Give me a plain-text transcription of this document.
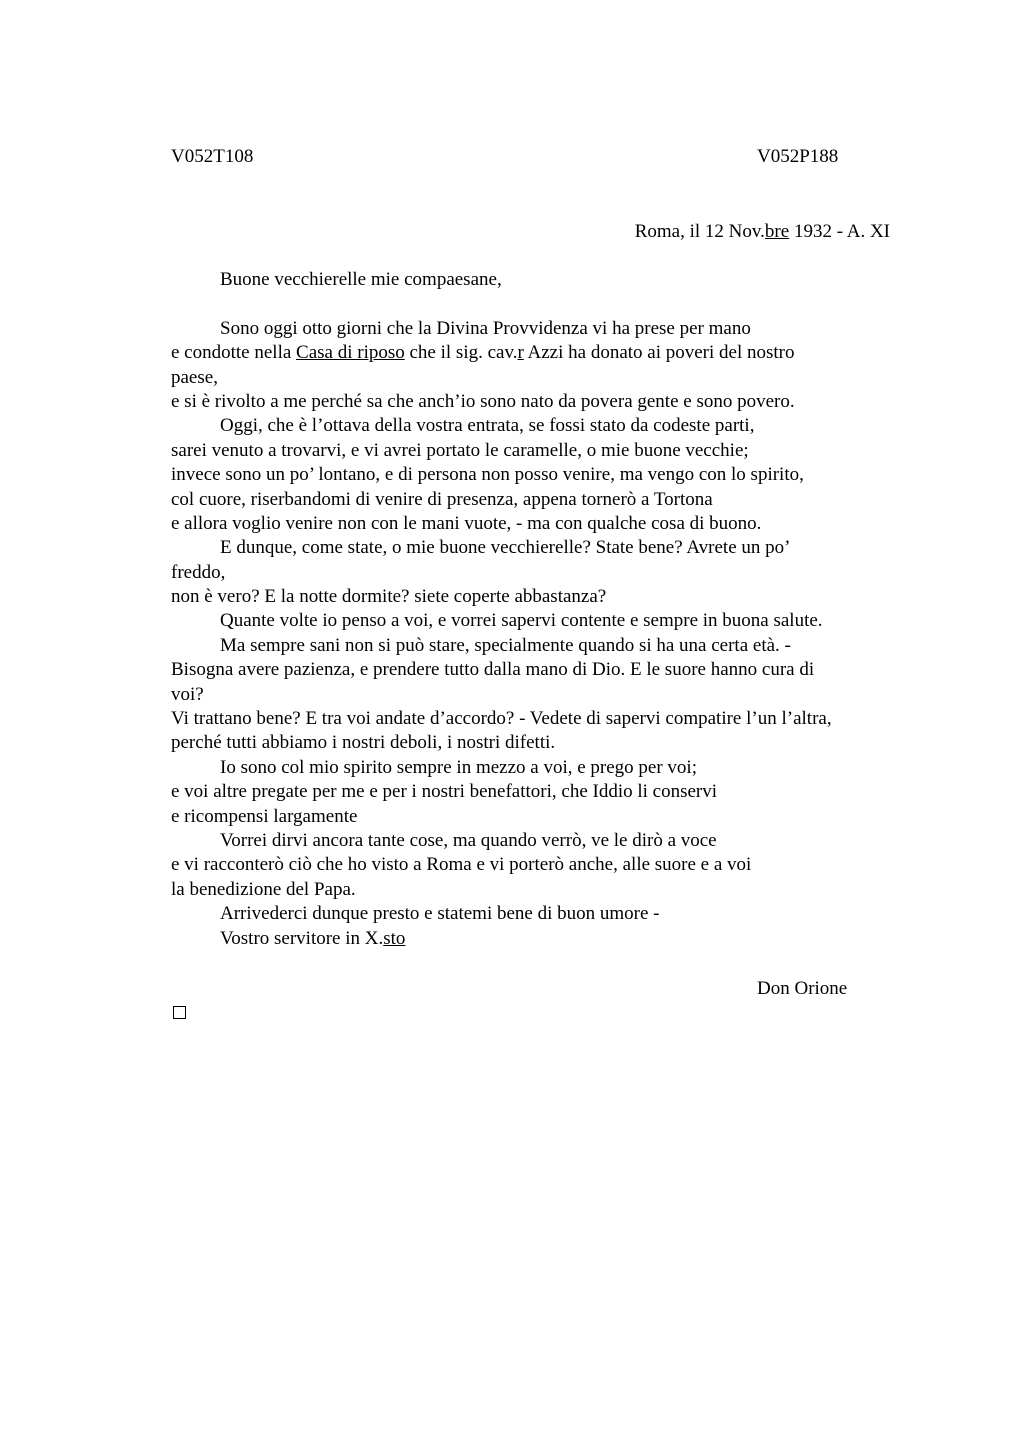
V052T108	V052P188
Roma, il 12 Nov.bre 1932 - A. XI
Buone vecchierelle mie compaesane,
Sono oggi otto giorni che la Divina Provvidenza vi ha prese per mano
e condotte nella Casa di riposo che il sig. cav.r Azzi ha donato ai poveri del nostro
paese,
e si è rivolto a me perché sa che anch’io sono nato da povera gente e sono povero.
Oggi, che è l’ottava della vostra entrata, se fossi stato da codeste parti,
sarei venuto a trovarvi, e vi avrei portato le caramelle, o mie buone vecchie;
invece sono un po’ lontano, e di persona non posso venire, ma vengo con lo spirito,
col cuore, riserbandomi di venire di presenza, appena tornerò a Tortona
e allora voglio venire non con le mani vuote, - ma con qualche cosa di buono.
E dunque, come state, o mie buone vecchierelle? State bene? Avrete un po’
freddo,
non è vero? E la notte dormite? siete coperte abbastanza?
Quante volte io penso a voi, e vorrei sapervi contente e sempre in buona salute.
Ma sempre sani non si può stare, specialmente quando si ha una certa età. -
Bisogna avere pazienza, e prendere tutto dalla mano di Dio. E le suore hanno cura di
voi?
Vi trattano bene? E tra voi andate d’accordo? - Vedete di sapervi compatire l’un l’altra,
perché tutti abbiamo i nostri deboli, i nostri difetti.
Io sono col mio spirito sempre in mezzo a voi, e prego per voi;
e voi altre pregate per me e per i nostri benefattori, che Iddio li conservi
e ricompensi largamente
Vorrei dirvi ancora tante cose, ma quando verrò, ve le dirò a voce
e vi racconterò ciò che ho visto a Roma e vi porterò anche, alle suore e a voi
la benedizione del Papa.
Arrivederci dunque presto e statemi bene di buon umore -
Vostro servitore in X.sto
Don Orione
